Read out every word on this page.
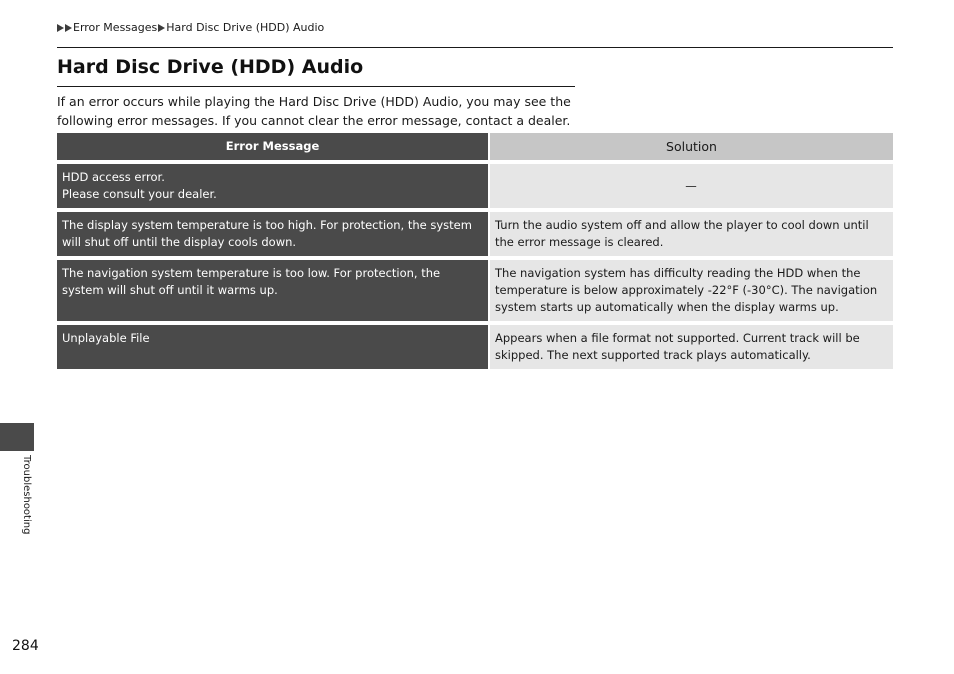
Error Messages Hard Disc Drive (HDD) Audio
Hard Disc Drive (HDD) Audio

If an error occurs while playing the Hard Disc Drive (HDD) Audio, you may see the following error messages. If you cannot clear the error message, contact a dealer.

Error Message	Solution

HDD access error.
Please consult your dealer.	—

The display system temperature is too high. For protection, the system will shut off until the display cools down.	Turn the audio system off and allow the player to cool down until the error message is cleared.

The navigation system temperature is too low. For protection, the system will shut off until it warms up.	The navigation system has difficulty reading the HDD when the temperature is below approximately -22°F (-30°C). The navigation system starts up automatically when the display warms up.

Unplayable File	Appears when a file format not supported. Current track will be skipped. The next supported track plays automatically.
Troubleshooting
284
